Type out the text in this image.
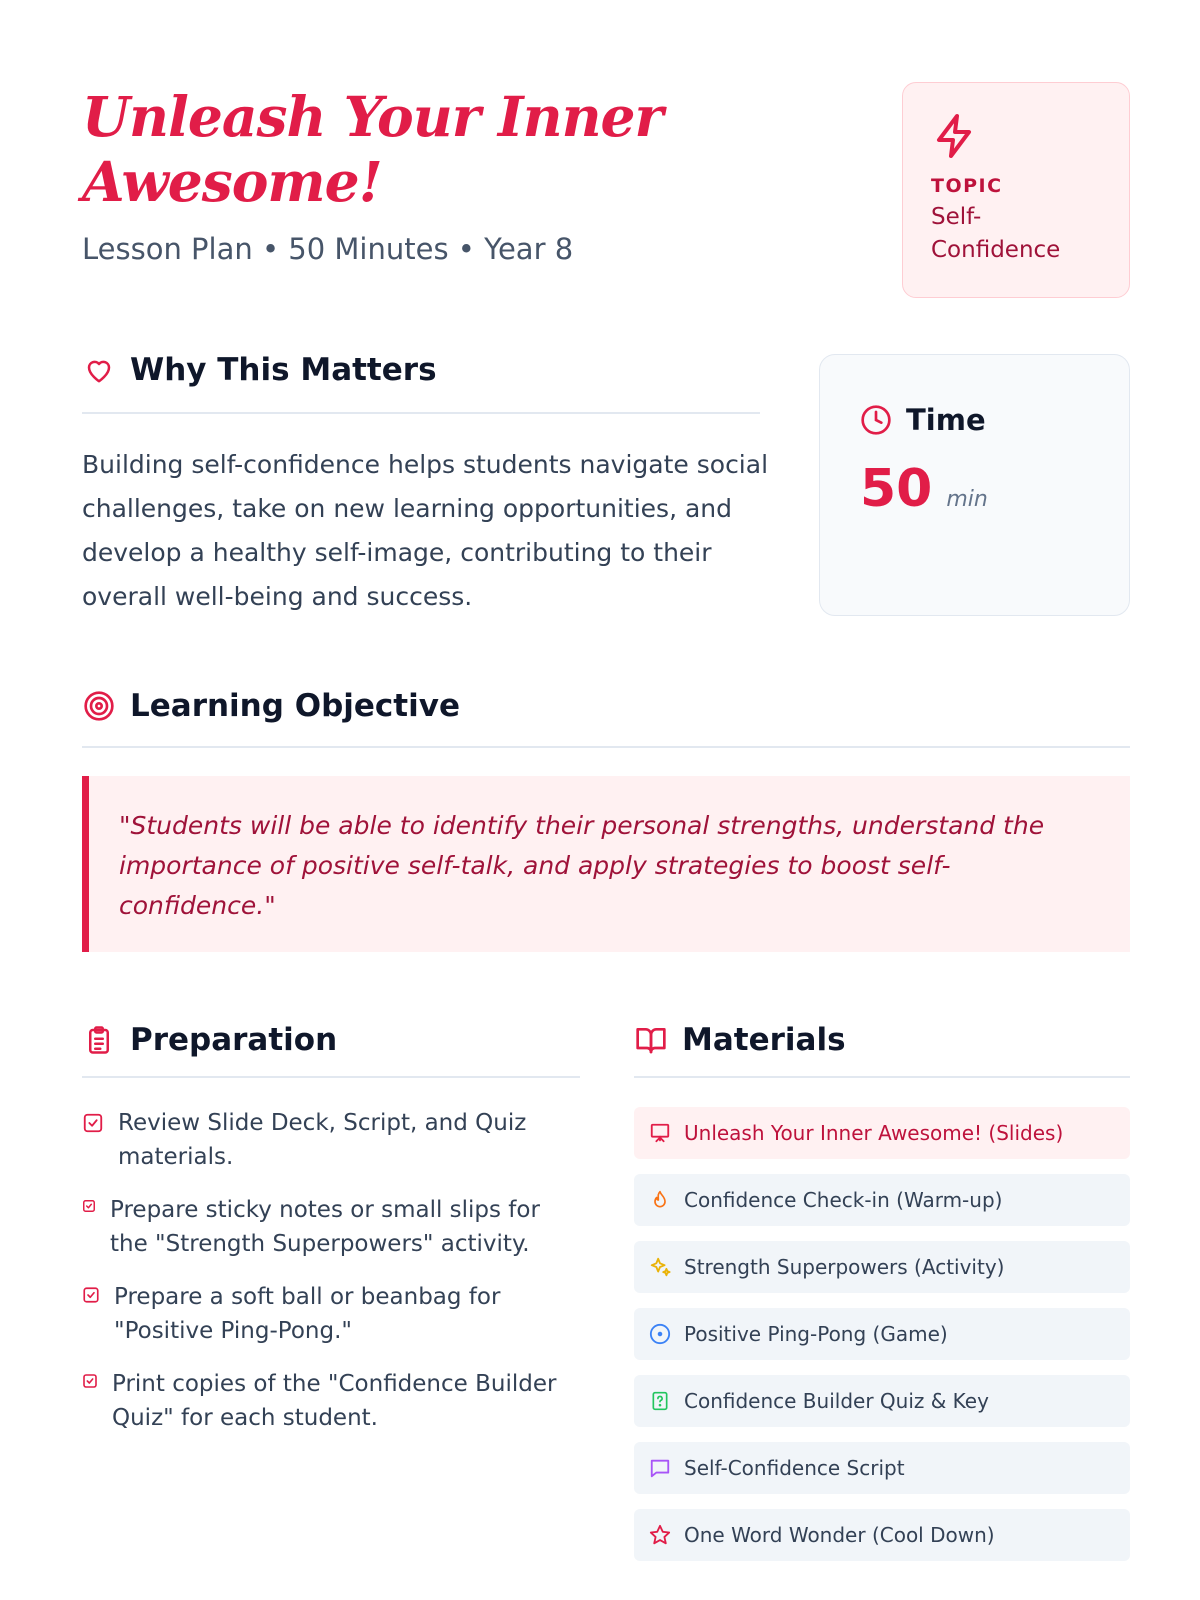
Unleash Your Inner Awesome!
Lesson Plan • 50 Minutes • Year 8
TOPIC
Self-Confidence
Why This Matters

Building self-confidence helps students navigate social challenges, take on new learning opportunities, and develop a healthy self-image, contributing to their overall well-being and success.

Time
50 min
Learning Objective
"Students will be able to identify their personal strengths, understand the importance of positive self-talk, and apply strategies to boost self-confidence."
Preparation
Review Slide Deck, Script, and Quiz materials.
Prepare sticky notes or small slips for the "Strength Superpowers" activity.
Prepare a soft ball or beanbag for "Positive Ping-Pong."
Print copies of the "Confidence Builder Quiz" for each student.
Materials
Unleash Your Inner Awesome! (Slides)
Confidence Check-in (Warm-up)
Strength Superpowers (Activity)
Positive Ping-Pong (Game)
Confidence Builder Quiz & Key
Self-Confidence Script
One Word Wonder (Cool Down)
